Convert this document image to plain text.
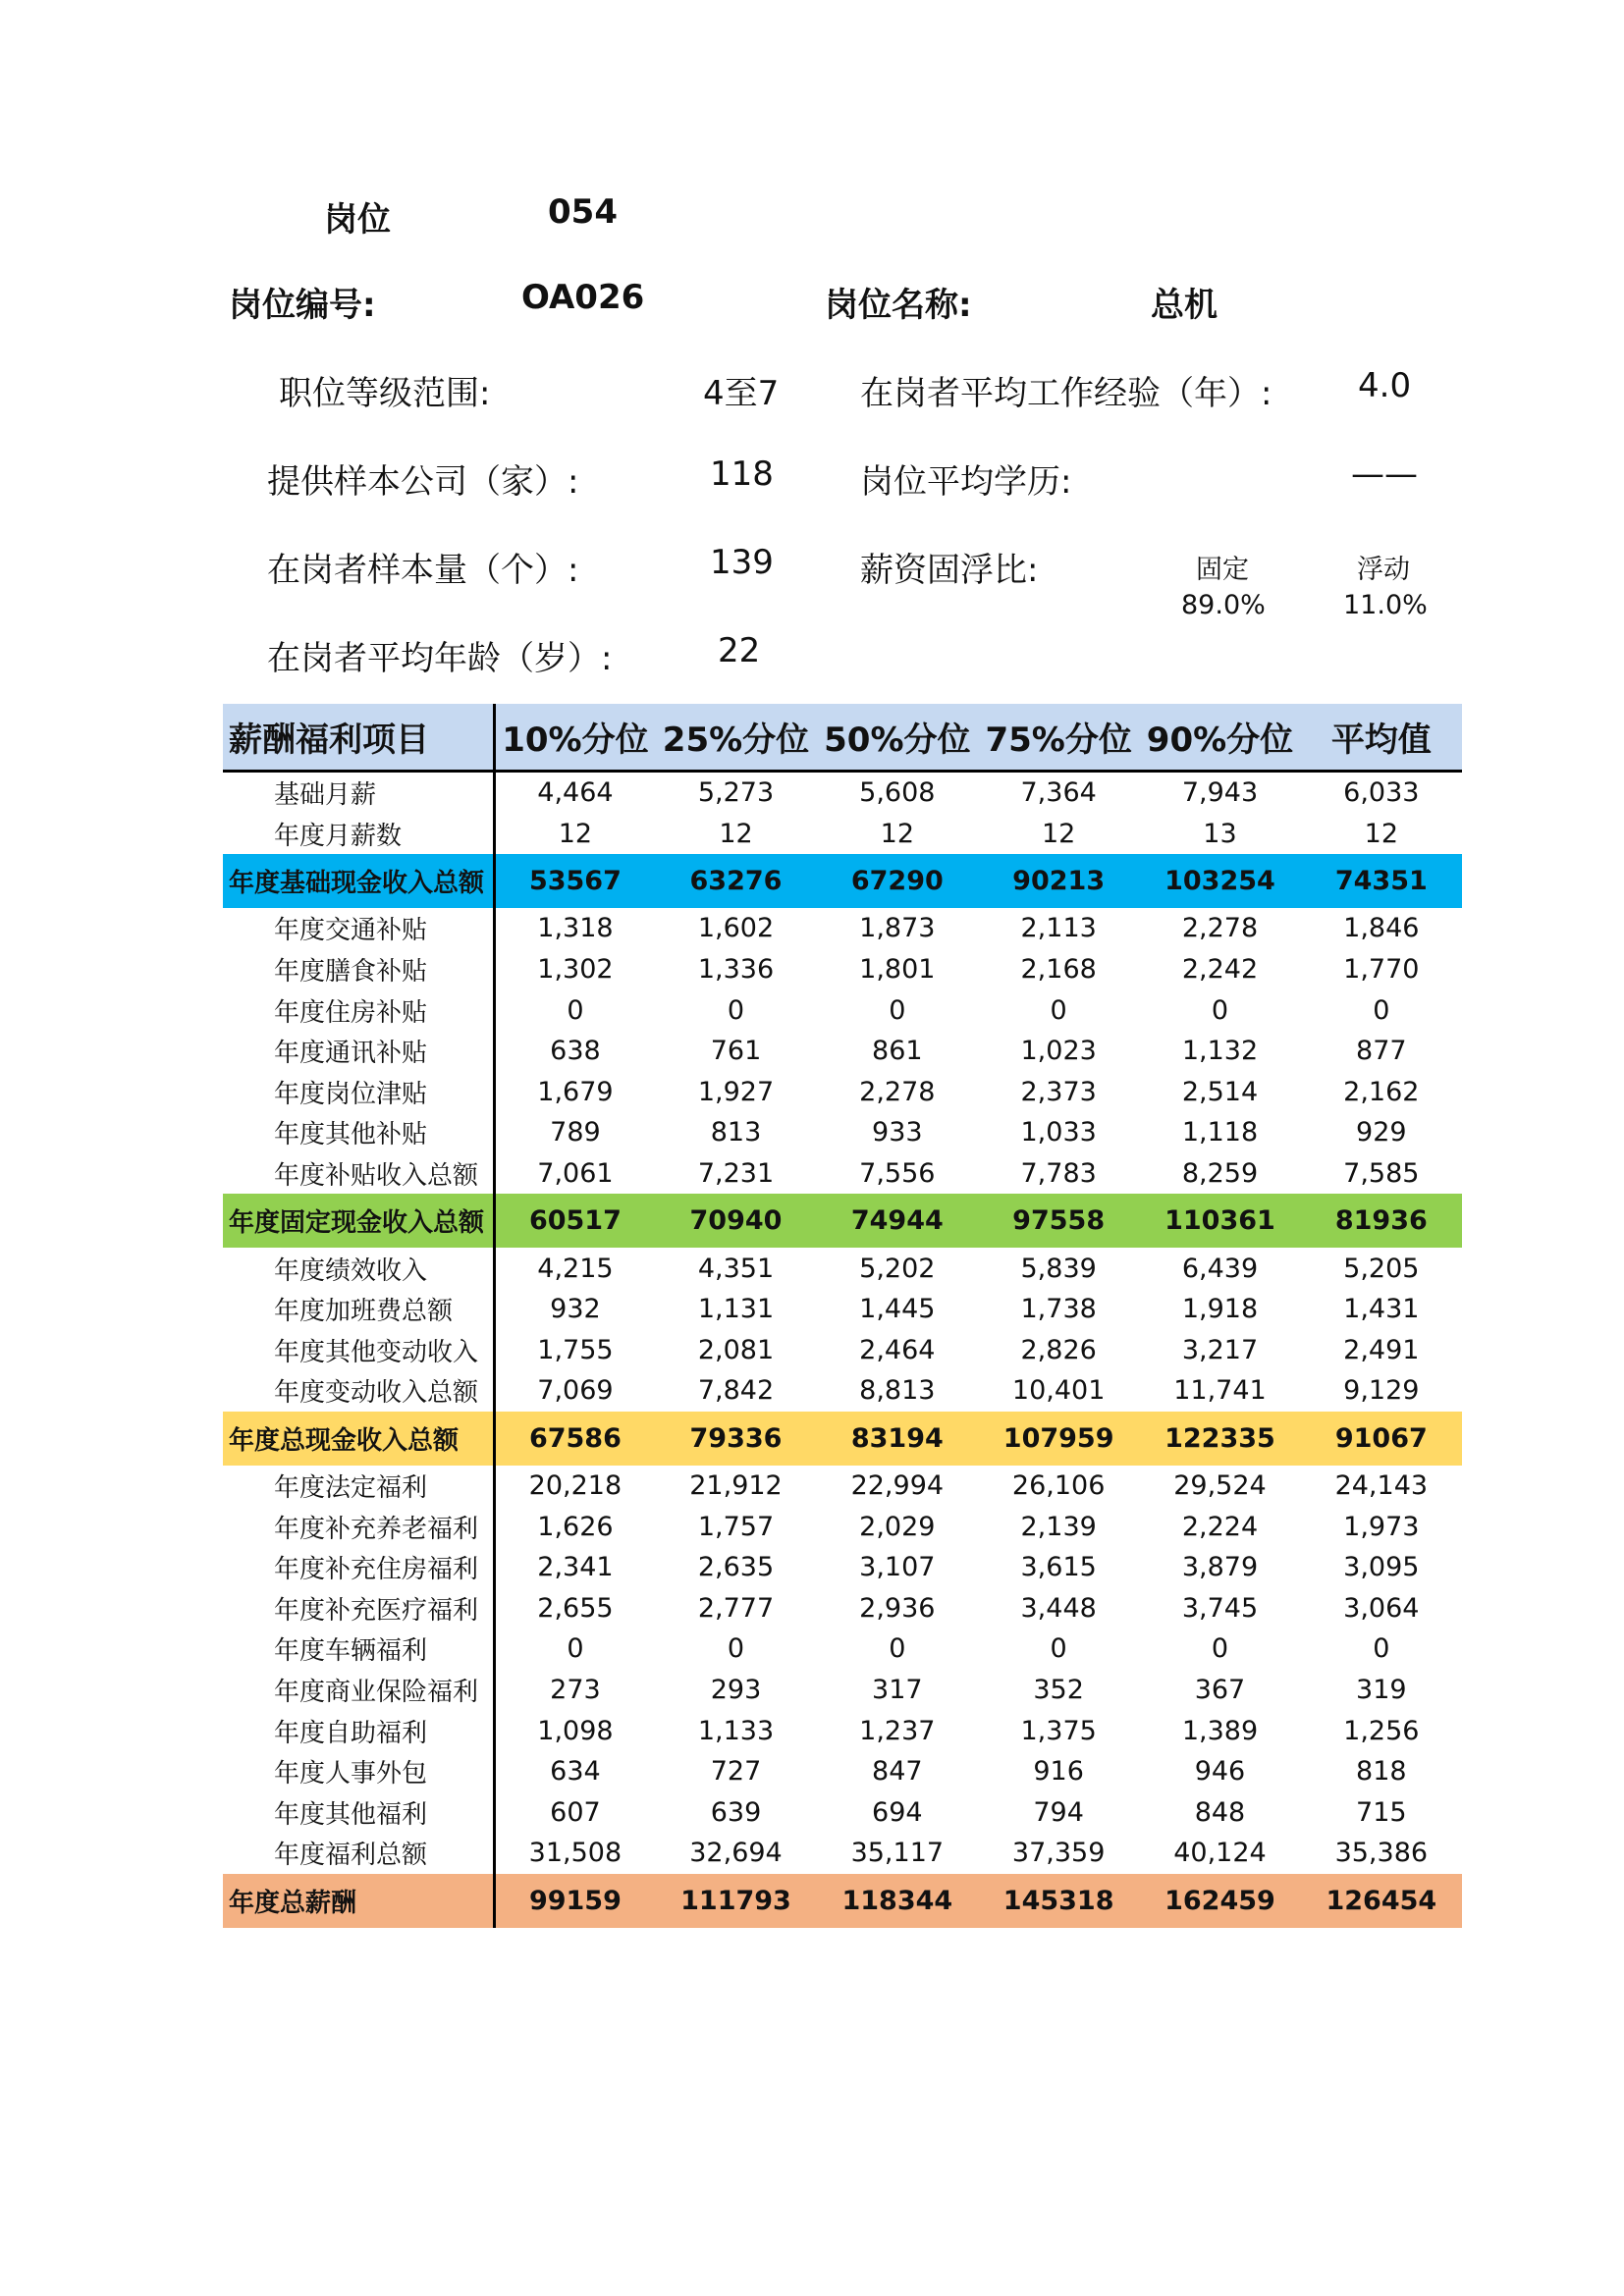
岗位	054
岗位编号:	OA026	岗位名称:	总机
职位等级范围:	4至7
提供样本公司（家）:	118
在岗者样本量（个）:	139
在岗者平均年龄（岁）:	22
在岗者平均工作经验（年）:	4.0
岗位平均学历:	——
薪资固浮比:	固定
89.0%
浮动
11.0%
薪酬福利项目	10%分位	25%分位	50%分位	75%分位	90%分位	平均值
基础月薪	4,464	5,273	5,608	7,364	7,943	6,033
年度月薪数	12	12	12	12	13	12
年度基础现金收入总额	53567	63276	67290	90213	103254	74351
年度交通补贴	1,318	1,602	1,873	2,113	2,278	1,846
年度膳食补贴	1,302	1,336	1,801	2,168	2,242	1,770
年度住房补贴	0	0	0	0	0	0
年度通讯补贴	638	761	861	1,023	1,132	877
年度岗位津贴	1,679	1,927	2,278	2,373	2,514	2,162
年度其他补贴	789	813	933	1,033	1,118	929
年度补贴收入总额	7,061	7,231	7,556	7,783	8,259	7,585
年度固定现金收入总额	60517	70940	74944	97558	110361	81936
年度绩效收入	4,215	4,351	5,202	5,839	6,439	5,205
年度加班费总额	932	1,131	1,445	1,738	1,918	1,431
年度其他变动收入	1,755	2,081	2,464	2,826	3,217	2,491
年度变动收入总额	7,069	7,842	8,813	10,401	11,741	9,129
年度总现金收入总额	67586	79336	83194	107959	122335	91067
年度法定福利	20,218	21,912	22,994	26,106	29,524	24,143
年度补充养老福利	1,626	1,757	2,029	2,139	2,224	1,973
年度补充住房福利	2,341	2,635	3,107	3,615	3,879	3,095
年度补充医疗福利	2,655	2,777	2,936	3,448	3,745	3,064
年度车辆福利	0	0	0	0	0	0
年度商业保险福利	273	293	317	352	367	319
年度自助福利	1,098	1,133	1,237	1,375	1,389	1,256
年度人事外包	634	727	847	916	946	818
年度其他福利	607	639	694	794	848	715
年度福利总额	31,508	32,694	35,117	37,359	40,124	35,386
年度总薪酬	99159	111793	118344	145318	162459	126454
